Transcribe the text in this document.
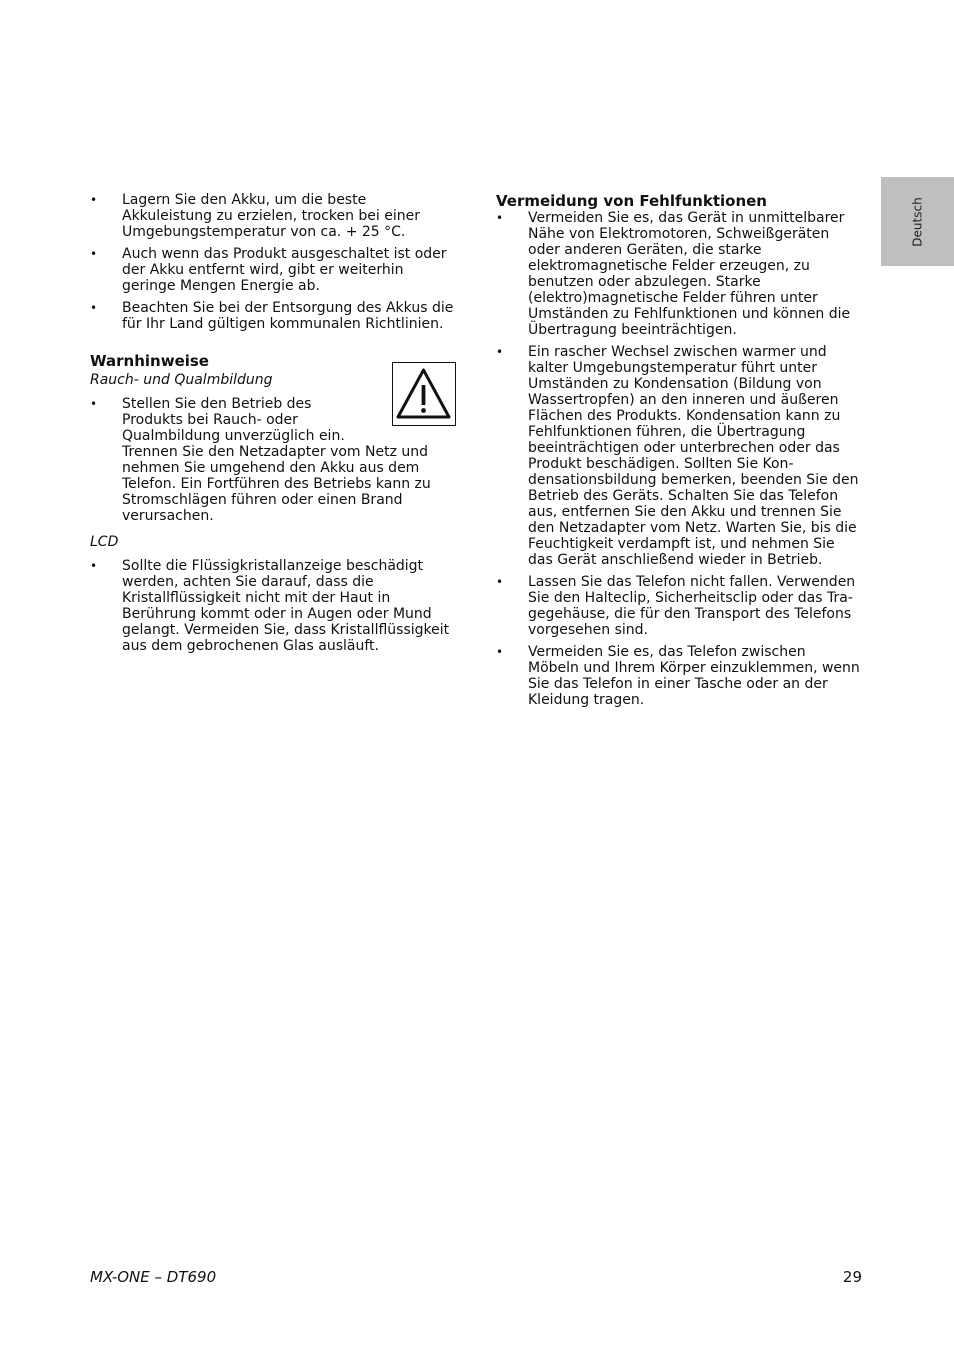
Deutsch
• Lagern Sie den Akku, um die beste Akkuleistung zu erzielen, trocken bei einer Umgebungstemperatur von ca. + 25 °C.
• Auch wenn das Produkt ausgeschaltet ist oder der Akku entfernt wird, gibt er weiterhin geringe Mengen Energie ab.
• Beachten Sie bei der Entsorgung des Akkus die für Ihr Land gültigen kommunalen Richtlinien.
Warnhinweise
Rauch- und Qualmbildung
• Stellen Sie den Betrieb des Produkts bei Rauch- oder Qualmbildung unverzüglich ein. Trennen Sie den Netzadapter vom Netz und nehmen Sie umgehend den Akku aus dem Telefon. Ein Fortführen des Betriebs kann zu Stromschlägen führen oder einen Brand verursachen.
LCD
• Sollte die Flüssigkristallanzeige beschädigt werden, achten Sie darauf, dass die Kristallflüssigkeit nicht mit der Haut in Berührung kommt oder in Augen oder Mund gelangt. Vermeiden Sie, dass Kristallflüssigkeit aus dem gebrochenen Glas ausläuft.
Vermeidung von Fehlfunktionen
• Vermeiden Sie es, das Gerät in unmittelbarer Nähe von Elektromotoren, Schweißgeräten oder anderen Geräten, die starke elektromagnetische Felder erzeugen, zu benutzen oder abzulegen. Starke (elektro)magnetische Felder führen unter Umständen zu Fehlfunktionen und können die Übertragung beeinträchtigen.
• Ein rascher Wechsel zwischen warmer und kalter Umgebungstemperatur führt unter Umständen zu Kondensation (Bildung von Wassertropfen) an den inneren und äußeren Flächen des Produkts. Kondensation kann zu Fehlfunktionen führen, die Übertragung beeinträchtigen oder unterbrechen oder das Produkt beschädigen. Sollten Sie Kondensationsbildung bemerken, beenden Sie den Betrieb des Geräts. Schalten Sie das Telefon aus, entfernen Sie den Akku und trennen Sie den Netzadapter vom Netz. Warten Sie, bis die Feuchtigkeit verdampft ist, und nehmen Sie das Gerät anschließend wieder in Betrieb.
• Lassen Sie das Telefon nicht fallen. Verwenden Sie den Halteclip, Sicherheitsclip oder das Tragegehäuse, die für den Transport des Telefons vorgesehen sind.
• Vermeiden Sie es, das Telefon zwischen Möbeln und Ihrem Körper einzuklemmen, wenn Sie das Telefon in einer Tasche oder an der Kleidung tragen.
MX-ONE – DT690	29
